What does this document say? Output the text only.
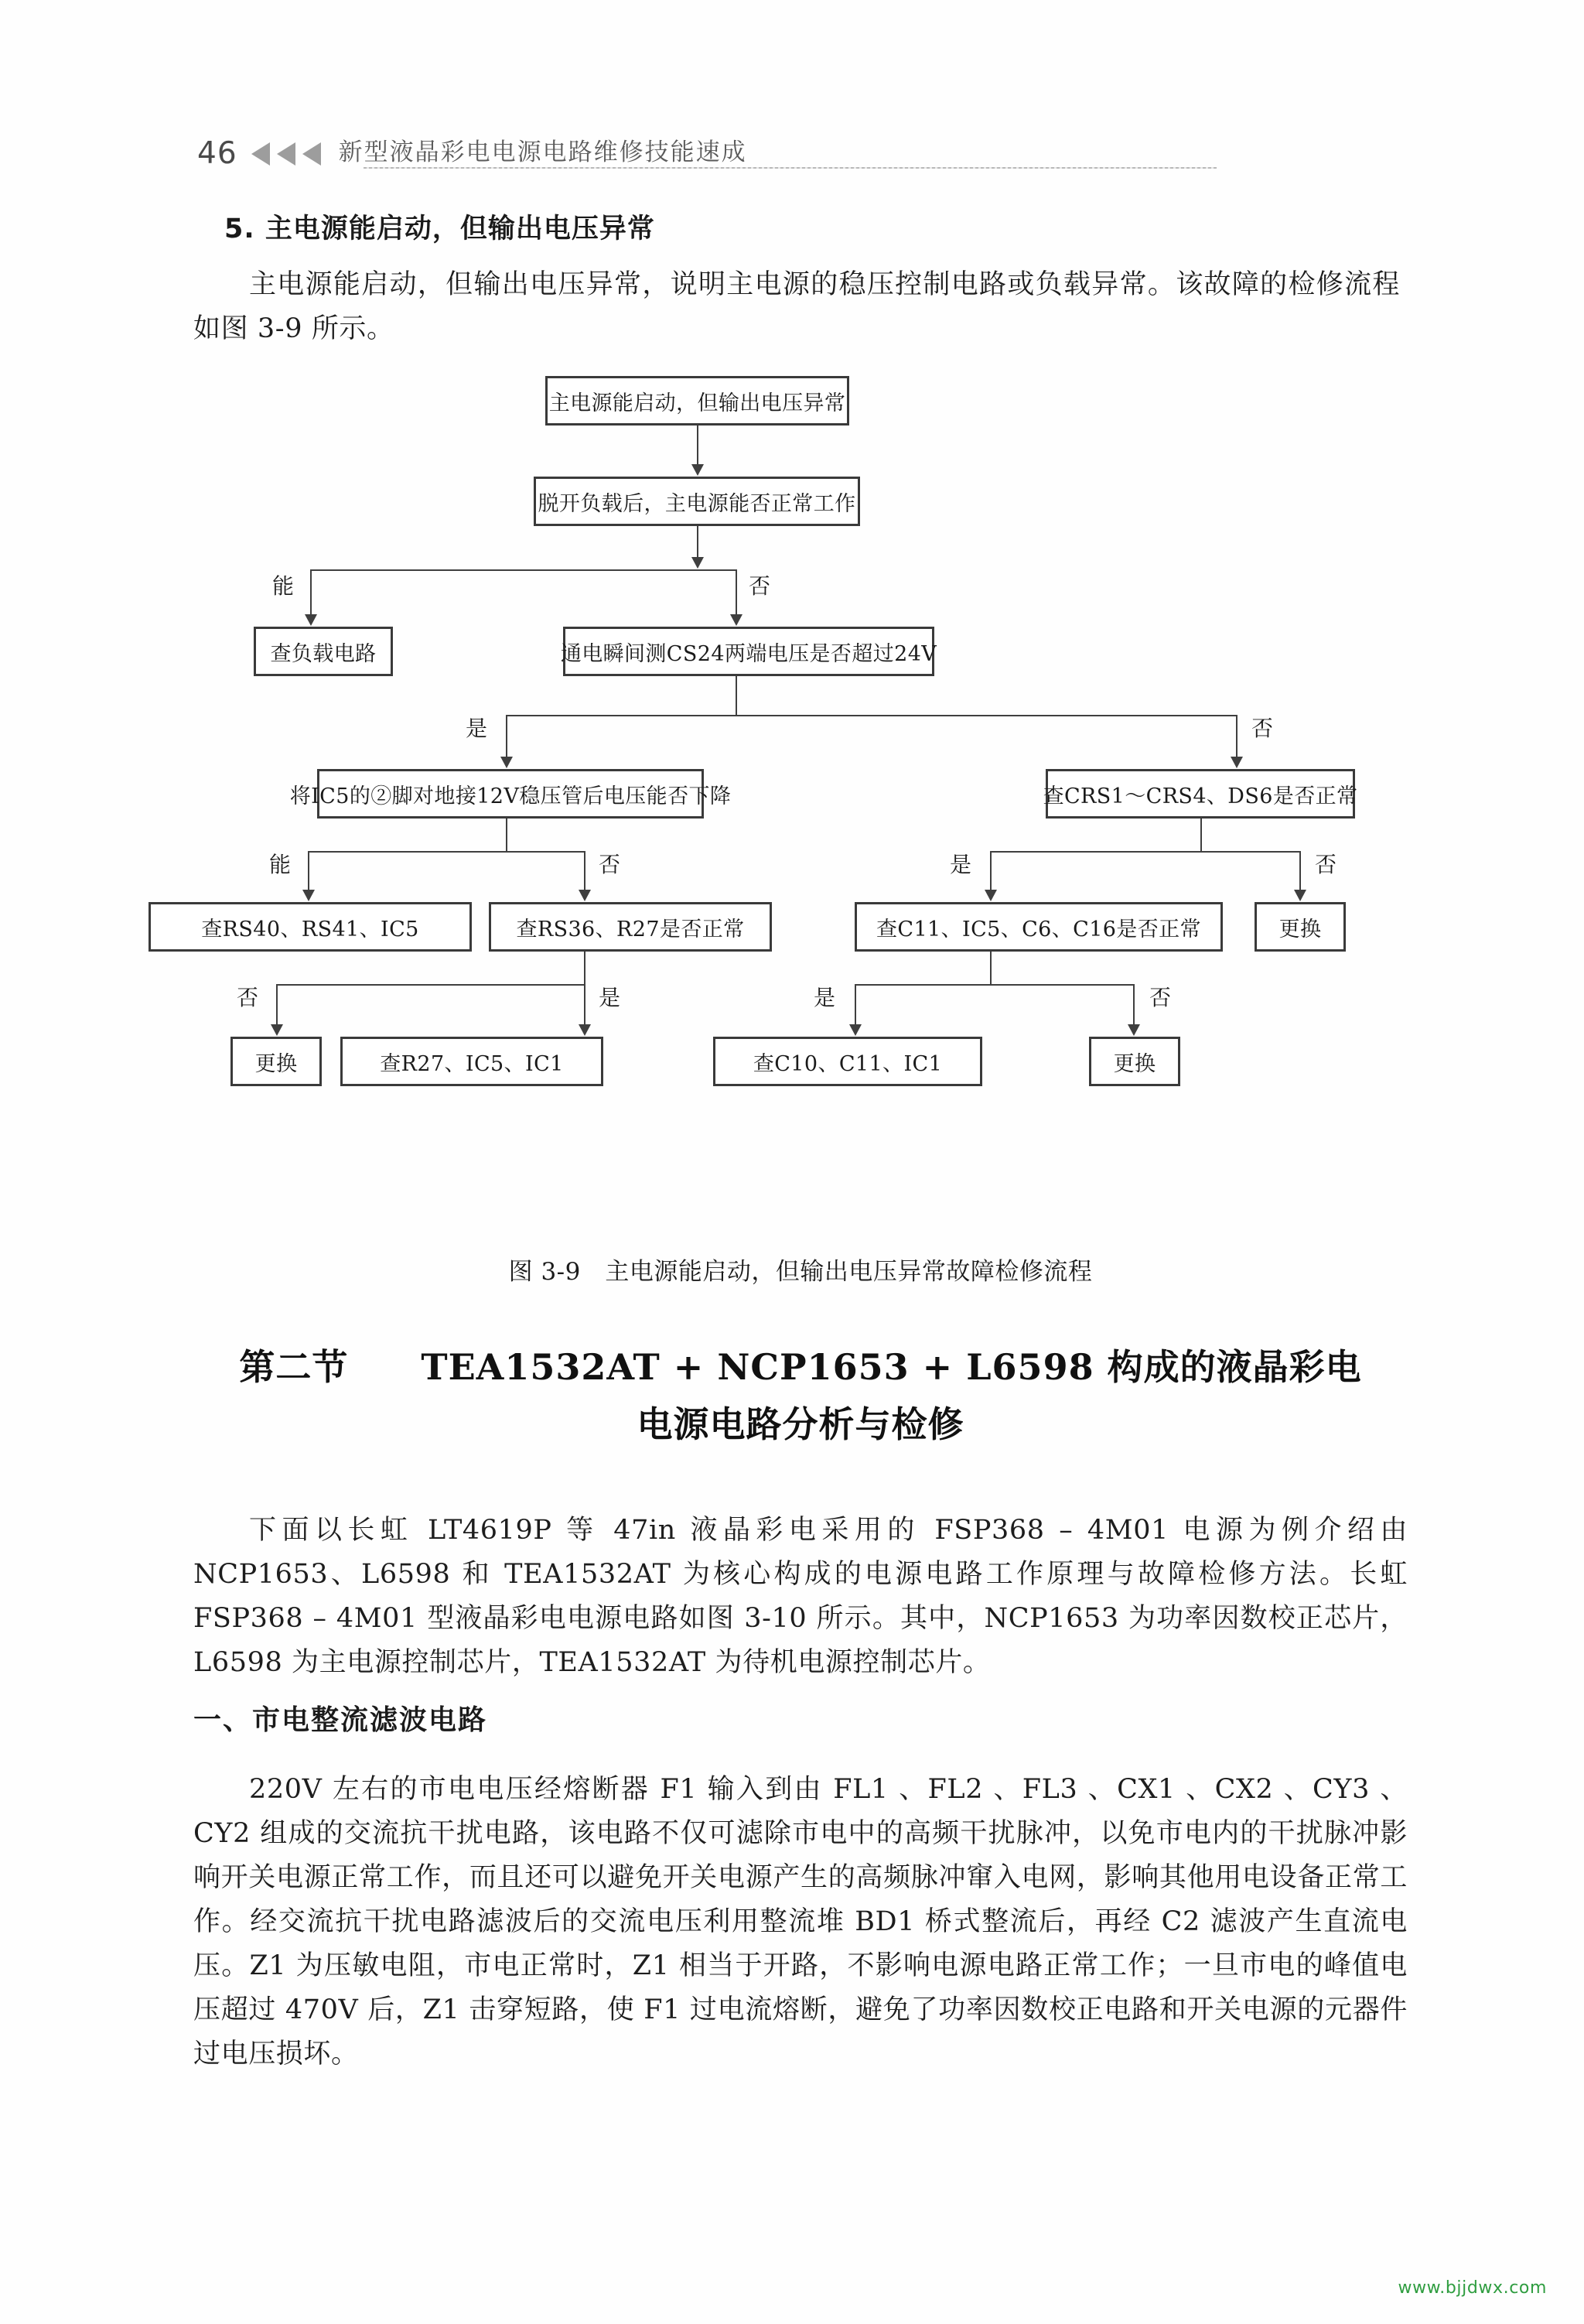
46	新型液晶彩电电源电路维修技能速成
5. 主电源能启动，但输出电压异常
主电源能启动，但输出电压异常，说明主电源的稳压控制电路或负载异常。该故障的检修流程如图 3-9 所示。
主电源能启动，但输出电压异常
脱开负载后，主电源能否正常工作
能	否
查负载电路	通电瞬间测CS24两端电压是否超过24V
是	否
将IC5的②脚对地接12V稳压管后电压能否下降	查CRS1～CRS4、DS6是否正常
能	否	是	否
查RS40、RS41、IC5	查RS36、R27是否正常	查C11、IC5、C6、C16是否正常	更换
否	是	是	否
更换	查R27、IC5、IC1	查C10、C11、IC1	更换
图 3-9　主电源能启动，但输出电压异常故障检修流程
第二节　　TEA1532AT + NCP1653 + L6598 构成的液晶彩电
电源电路分析与检修
下面以长虹 LT4619P 等 47in 液晶彩电采用的 FSP368 – 4M01 电源为例介绍由 NCP1653、L6598 和 TEA1532AT 为核心构成的电源电路工作原理与故障检修方法。长虹 FSP368 – 4M01 型液晶彩电电源电路如图 3-10 所示。其中，NCP1653 为功率因数校正芯片，L6598 为主电源控制芯片，TEA1532AT 为待机电源控制芯片。
一、市电整流滤波电路
220V 左右的市电电压经熔断器 F1 输入到由 FL1 、FL2 、FL3 、CX1 、CX2 、CY3 、CY2 组成的交流抗干扰电路，该电路不仅可滤除市电中的高频干扰脉冲，以免市电内的干扰脉冲影响开关电源正常工作，而且还可以避免开关电源产生的高频脉冲窜入电网，影响其他用电设备正常工作。经交流抗干扰电路滤波后的交流电压利用整流堆 BD1 桥式整流后，再经 C2 滤波产生直流电压。Z1 为压敏电阻，市电正常时，Z1 相当于开路，不影响电源电路正常工作；一旦市电的峰值电压超过 470V 后，Z1 击穿短路，使 F1 过电流熔断，避免了功率因数校正电路和开关电源的元器件过电压损坏。
www.bjjdwx.com
